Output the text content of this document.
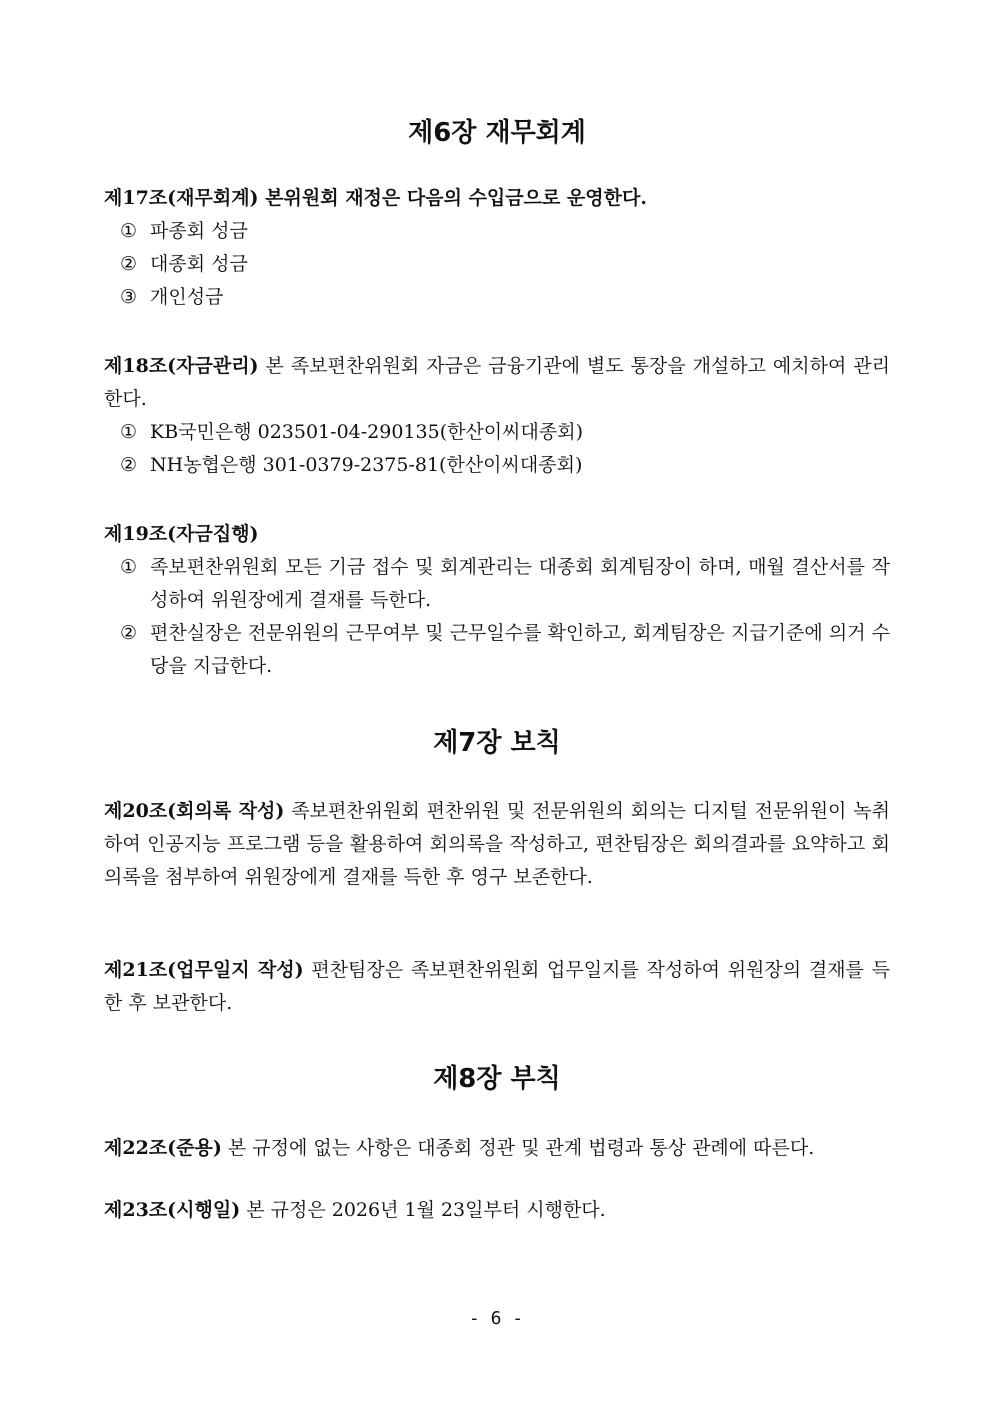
제6장 재무회계
제17조(재무회계) 본위원회 재정은 다음의 수입금으로 운영한다.
① 파종회 성금
② 대종회 성금
③ 개인성금
제18조(자금관리) 본 족보편찬위원회 자금은 금융기관에 별도 통장을 개설하고 예치하여 관리한다.
① KB국민은행 023501-04-290135(한산이씨대종회)
② NH농협은행 301-0379-2375-81(한산이씨대종회)
제19조(자금집행)
① 족보편찬위원회 모든 기금 접수 및 회계관리는 대종회 회계팀장이 하며, 매월 결산서를 작성하여 위원장에게 결재를 득한다.
② 편찬실장은 전문위원의 근무여부 및 근무일수를 확인하고, 회계팀장은 지급기준에 의거 수당을 지급한다.
제7장 보칙
제20조(회의록 작성) 족보편찬위원회 편찬위원 및 전문위원의 회의는 디지털 전문위원이 녹취하여 인공지능 프로그램 등을 활용하여 회의록을 작성하고, 편찬팀장은 회의결과를 요약하고 회의록을 첨부하여 위원장에게 결재를 득한 후 영구 보존한다.
제21조(업무일지 작성) 편찬팀장은 족보편찬위원회 업무일지를 작성하여 위원장의 결재를 득한 후 보관한다.
제8장 부칙
제22조(준용) 본 규정에 없는 사항은 대종회 정관 및 관계 법령과 통상 관례에 따른다.
제23조(시행일) 본 규정은 2026년 1월 23일부터 시행한다.
- 6 -
